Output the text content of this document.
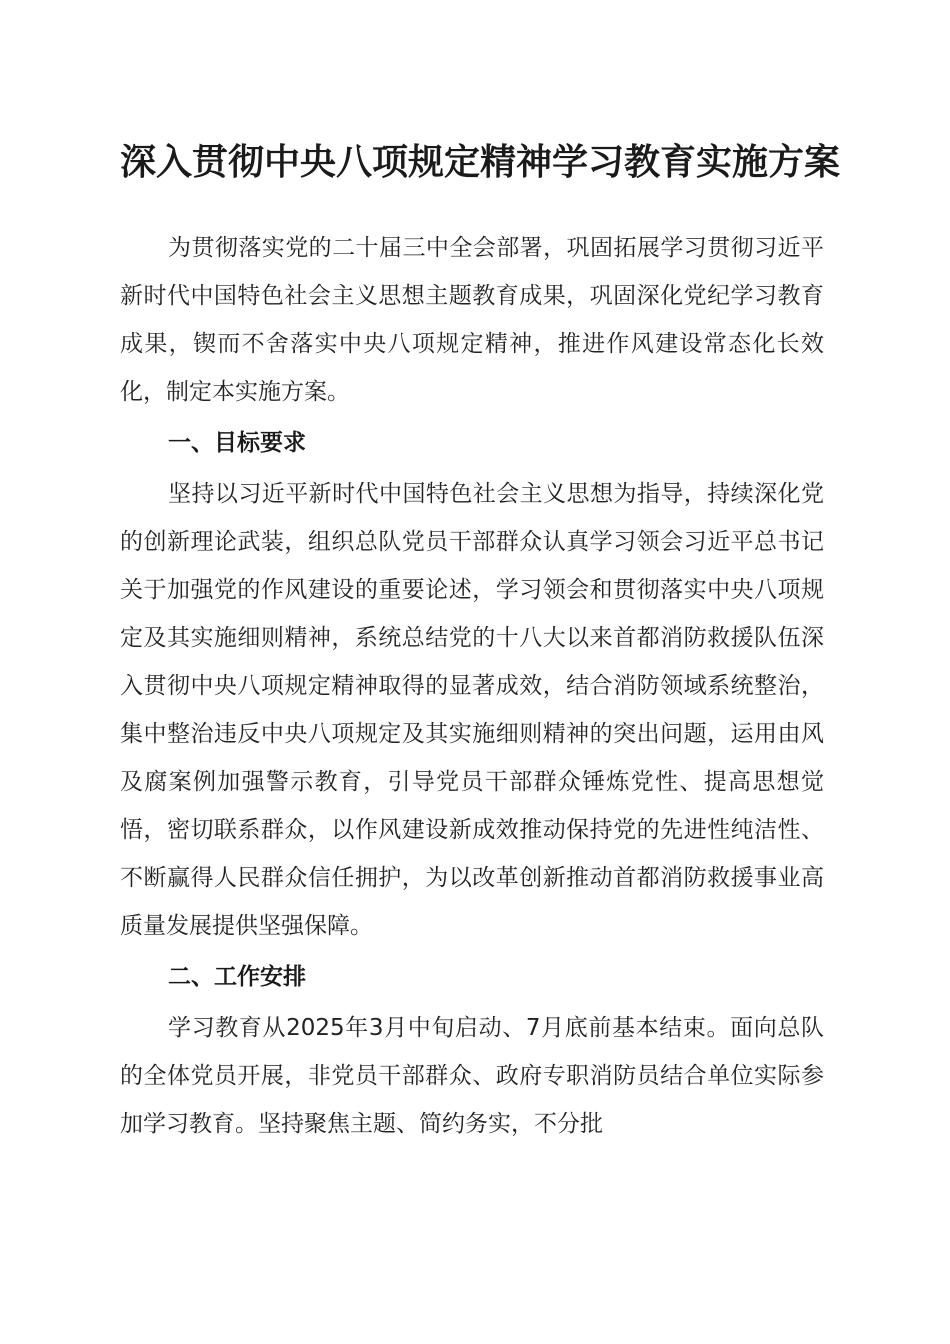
深入贯彻中央八项规定精神学习教育实施方案

为贯彻落实党的二十届三中全会部署，巩固拓展学习贯彻习近平新时代中国特色社会主义思想主题教育成果，巩固深化党纪学习教育成果，锲而不舍落实中央八项规定精神，推进作风建设常态化长效化，制定本实施方案。

一、目标要求

坚持以习近平新时代中国特色社会主义思想为指导，持续深化党的创新理论武装，组织总队党员干部群众认真学习领会习近平总书记关于加强党的作风建设的重要论述，学习领会和贯彻落实中央八项规定及其实施细则精神，系统总结党的十八大以来首都消防救援队伍深入贯彻中央八项规定精神取得的显著成效，结合消防领域系统整治，集中整治违反中央八项规定及其实施细则精神的突出问题，运用由风及腐案例加强警示教育，引导党员干部群众锤炼党性、提高思想觉悟，密切联系群众，以作风建设新成效推动保持党的先进性纯洁性、不断赢得人民群众信任拥护，为以改革创新推动首都消防救援事业高质量发展提供坚强保障。

二、工作安排

学习教育从2025年3月中旬启动、7月底前基本结束。面向总队的全体党员开展，非党员干部群众、政府专职消防员结合单位实际参加学习教育。坚持聚焦主题、简约务实，不分批
